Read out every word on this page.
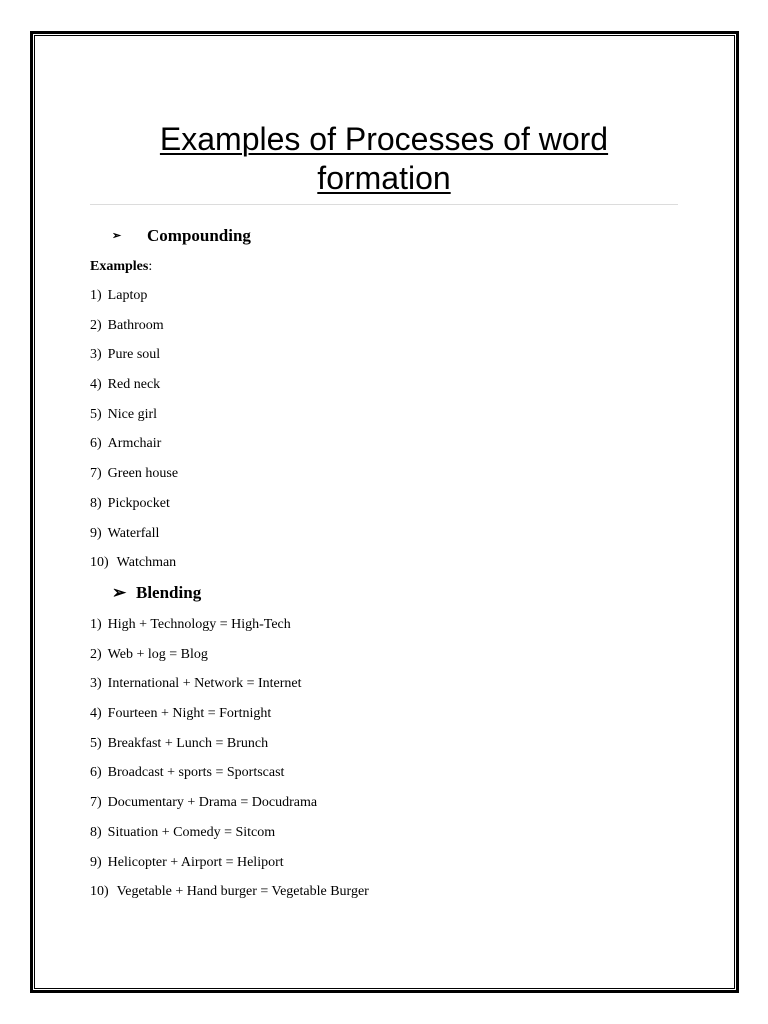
Examples of Processes of word formation
➢ Compounding
Examples:
1) Laptop
2) Bathroom
3) Pure soul
4) Red neck
5) Nice girl
6) Armchair
7) Green house
8) Pickpocket
9) Waterfall
10) Watchman
➢ Blending
1) High + Technology = High-Tech
2) Web + log = Blog
3) International + Network = Internet
4) Fourteen + Night = Fortnight
5) Breakfast + Lunch = Brunch
6) Broadcast + sports = Sportscast
7) Documentary + Drama = Docudrama
8) Situation + Comedy = Sitcom
9) Helicopter + Airport = Heliport
10) Vegetable + Hand burger = Vegetable Burger
